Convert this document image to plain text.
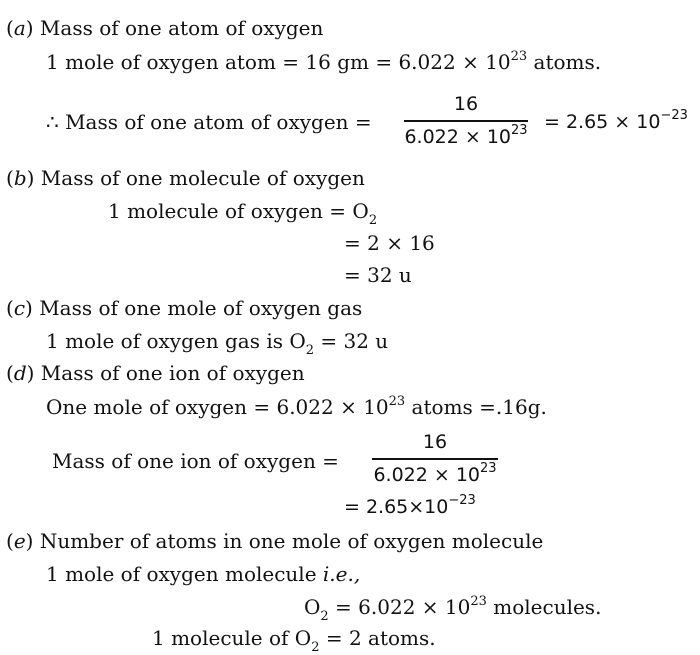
(a) Mass of one atom of oxygen
1 mole of oxygen atom = 16 gm = $6.022 \times 10^{23}$ atoms.
∴ Mass of one atom of oxygen =
16
$6.022 \times 10^{23} = 2.65 \times 10^{-23}$
(b) Mass of one molecule of oxygen
1 molecule of oxygen = $O_2$
= 2 × 16
= 32 u
(c) Mass of one mole of oxygen gas
1 mole of oxygen gas is $O_2 = 32$ u
(d) Mass of one ion of oxygen
One mole of oxygen = $6.022 \times 10^{23}$ atoms =.16g.
Mass of one ion of oxygen =
16
$6.022 \times 10^{23}$
= $2.65\times 10^{-23}$
(e) Number of atoms in one mole of oxygen molecule
1 mole of oxygen molecule i.e.,
$O_2 = 6.022 \times 10^{23}$ molecules.
1 molecule of $O_2 = 2$ atoms.
